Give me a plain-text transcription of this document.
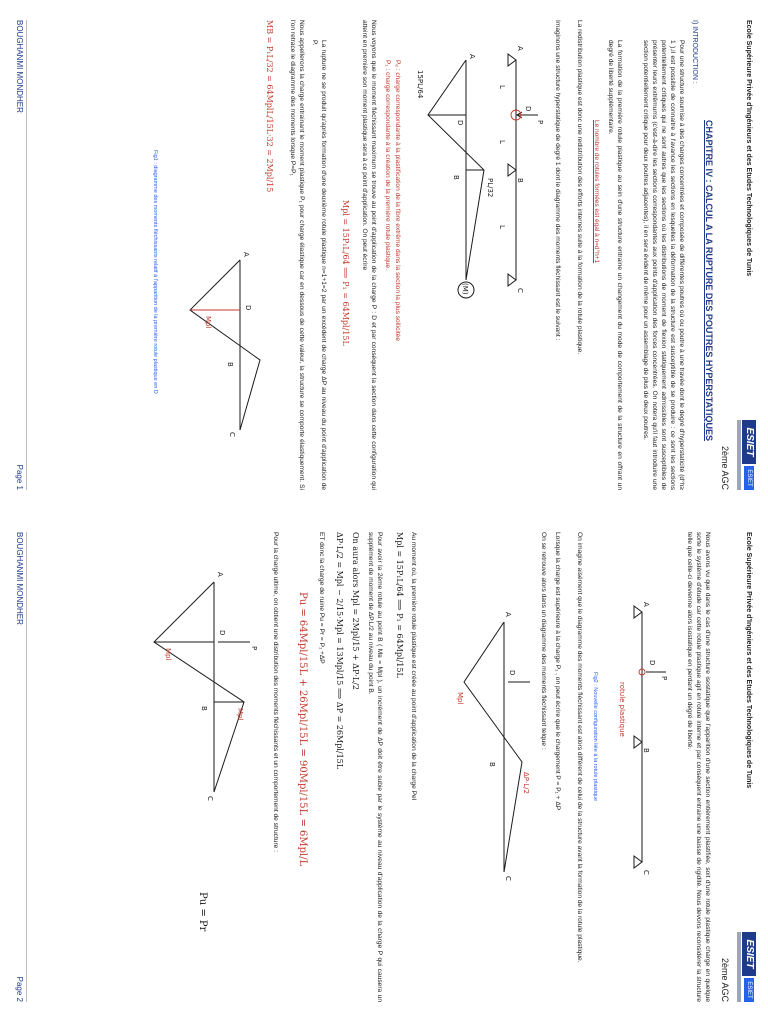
Ecole Supérieure Privée d'Ingénieurs et des Etudes Technologiques de Tunis
ESIET
ESIET
2ème AGC
CHAPITRE IV : CALCUL A LA RUPTURE DES POUTRES HYPERSTATIQUES
I) INTRODUCTION :
Pour une structure soumise à des charges concentrées et composée de différentes poutres où ou poutre à une travée dont le degré d'hyperstaticité (d°h≥ 1 ),il est possible de connaitre à l'avance les sections en lesquelles la déformation de la structure est susceptible de se produire : ce sont les sections potentiellement critiques qui ne sont autres que les sections où les distributions de moment de flexion statiquement admissibles sont susceptibles de présenter leurs extrêmums (c'est-à-dire les sections correspondantes aux points d'application des forces concentrées. On notera qu'il faut introduire une section potentiellement critique pour deux poutres adjacentes), il en sera évident de même pour un assemblage de plus de deux poutres.
La formation de la première rotule plastique au sein d'une structure entraine un changement du mode de comportement de la structure en offrant un degré de liberté supplémentaire.
Le nombre de rotules formées est égal à n=d°h+1
La redistribution plastique est donc une redistribution des efforts internes suite à la formation de la rotule plastique.
Imaginons une structure hyperstatique de degré 1 dont le diagramme des moments fléchissant est le suivant :
A
D
P
B
C
L
L
L
A
D
B
PL/32
15PL/64
(M)
Pₑ : charge correspondante à la plastification de la fibre extrême dans la section la plus sollicitée
P₁ : charge correspondante à la création de la première rotule plastique.
Nous voyons que le moment fléchissant maximum se trouve au point d'application de la charge P : D et par conséquent la section dans cette configuration qui atteint en première son moment plastique sera à ce point d'application. On peut écrire
Mpl = 15P₁L/64 ⟹ P₁ = 64Mpl/15L
La rupture ne se produit qu'après formation d'une deuxième rotule plastique n=1+1=2 par un excédent de charge ΔP au niveau du point d'application de P.
Nous appellerons la charge entrainant le moment plastique P₁ pour charge élastique car en dessous de cette valeur, la structure se comporte élastiquement. Si l'on retrace le diagramme des moments lorsque P=P₁
MB = P₁L/32 = 64MplL/15L·32 = 2Mpl/15
Mpl
A
D
B
C
Fig1 : diagramme des moments fléchissants relatif à l'apparition de la première rotule plastique en D
BOUGHANMI MONDHER
Page 1
Ecole Supérieure Privée d'Ingénieurs et des Etudes Technologiques de Tunis
ESIET
ESIET
2ème AGC
Nous avons vu que dans le cas d'une structure isostatique que l'apparition d'une section entièrement plastifiée, soit d'une rotule plastique charge en quelque sorte le système d'étude car cette rotule plastique agit en rotule interne et par conséquent entraine une baisse de rigidité. Nous devons reconsidérer la structure telle que celle-ci devienne alors isostatique en perdant un degré de liberté.
A
D
P
B
C
rotule plastique
Fig2 : Nouvelle configuration liée à la rotule plastique
On imagine aisément que le diagramme des moments fléchissant est alors différent de celui de la structure avant la formation de la rotule plastique.
Lorsque la charge est supérieure à la charge P₁ , on peut écrire que le chargement P = P₁ + ΔP
On se retrouve alors dans un diagramme des moments fléchissant telque :
A
D
B
C
ΔP·L/2
Mpl
Au moment où, la première rotule plastique est créée au point d'application de la charge Pel
Mpl = 15P₁L/64 ⟹ P₁ = 64Mpl/15L
Pour avoir la 2ème rotule au point B ( Mв = Mpl ), un incrément de ΔP doit être subie par le système au niveau d'application de la charge P qui causera un supplément de moment de ΔP.L/2 au niveau du point B.
On aura alors Mpl = 2Mpl/15 + ΔP·L/2
ΔP·L/2 = Mpl − 2/15·Mpl = 13Mpl/15 ⟹ ΔP = 26Mpl/15L
ET donc la charge de ruine Pu = Pr = P₁ +ΔP
Pu = 64Mpl/15L + 26Mpl/15L = 90Mpl/15L = 6Mpl/L
Pour la charge ultime, on obtient une distribution des moments fléchissants et un comportement de structure :
A
D
P
B
C
Mpl
Mpl
Pu = Pr
BOUGHANMI MONDHER
Page 2
